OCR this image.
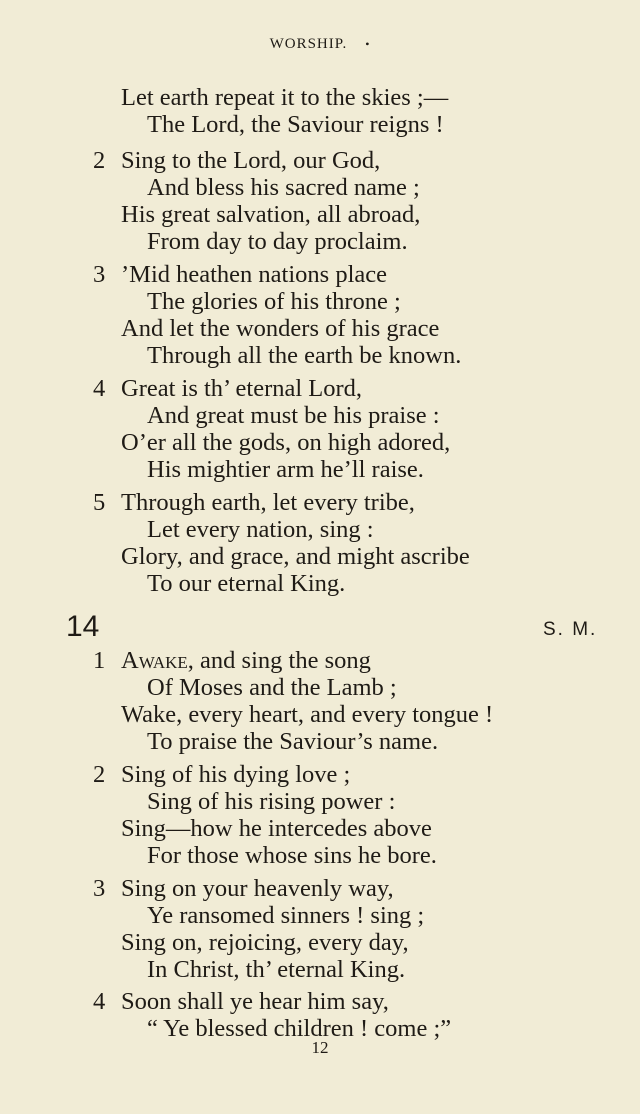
WORSHIP. •
Let earth repeat it to the skies ;—
The Lord, the Saviour reigns !
2 Sing to the Lord, our God,
And bless his sacred name ;
His great salvation, all abroad,
From day to day proclaim.
3 ’Mid heathen nations place
The glories of his throne ;
And let the wonders of his grace
Through all the earth be known.
4 Great is th’ eternal Lord,
And great must be his praise :
O’er all the gods, on high adored,
His mightier arm he’ll raise.
5 Through earth, let every tribe,
Let every nation, sing :
Glory, and grace, and might ascribe
To our eternal King.
14	S. M.
1 Awake, and sing the song
Of Moses and the Lamb ;
Wake, every heart, and every tongue !
To praise the Saviour’s name.
2 Sing of his dying love ;
Sing of his rising power :
Sing—how he intercedes above
For those whose sins he bore.
3 Sing on your heavenly way,
Ye ransomed sinners ! sing ;
Sing on, rejoicing, every day,
In Christ, th’ eternal King.
4 Soon shall ye hear him say,
“ Ye blessed children ! come ;”
12
